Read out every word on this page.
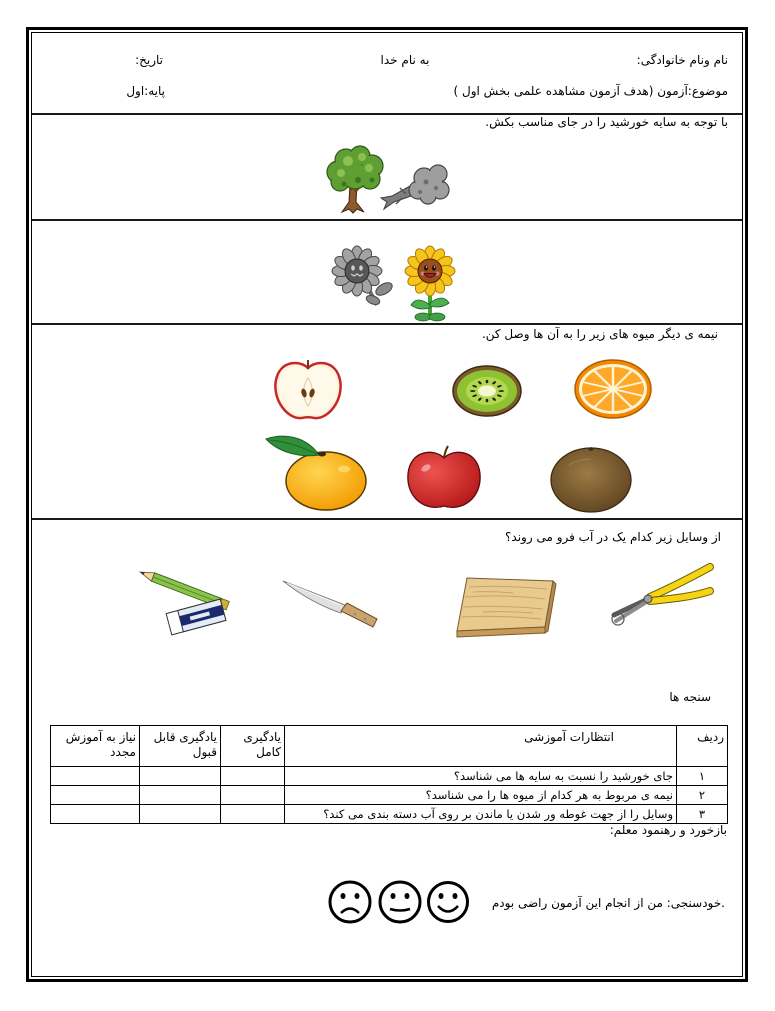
نام ونام خانوادگی:
به نام خدا
تاریخ:
موضوع:آزمون (هدف آزمون مشاهده علمی بخش اول )
پایه:اول
با توجه به سایه خورشید را در جای مناسب بکش.
نیمه ی دیگر میوه های زیر را به آن ها وصل کن.
از وسایل زیر کدام یک در آب فرو می روند؟
سنجه ها
ردیف	انتظارات آموزشی	یادگیری کامل	یادگیری قابل قبول	نیاز به آموزش مجدد
۱	جای خورشید را نسبت به سایه ها می شناسد؟			
۲	نیمه ی مربوط به هر کدام از میوه ها را می شناسد؟			
۳	وسایل را از جهت غوطه ور شدن یا ماندن بر روی آب دسته بندی می کند؟			
بازخورد و رهنمود معلم:
خودسنجی: من از انجام این آزمون راضی بودم.
